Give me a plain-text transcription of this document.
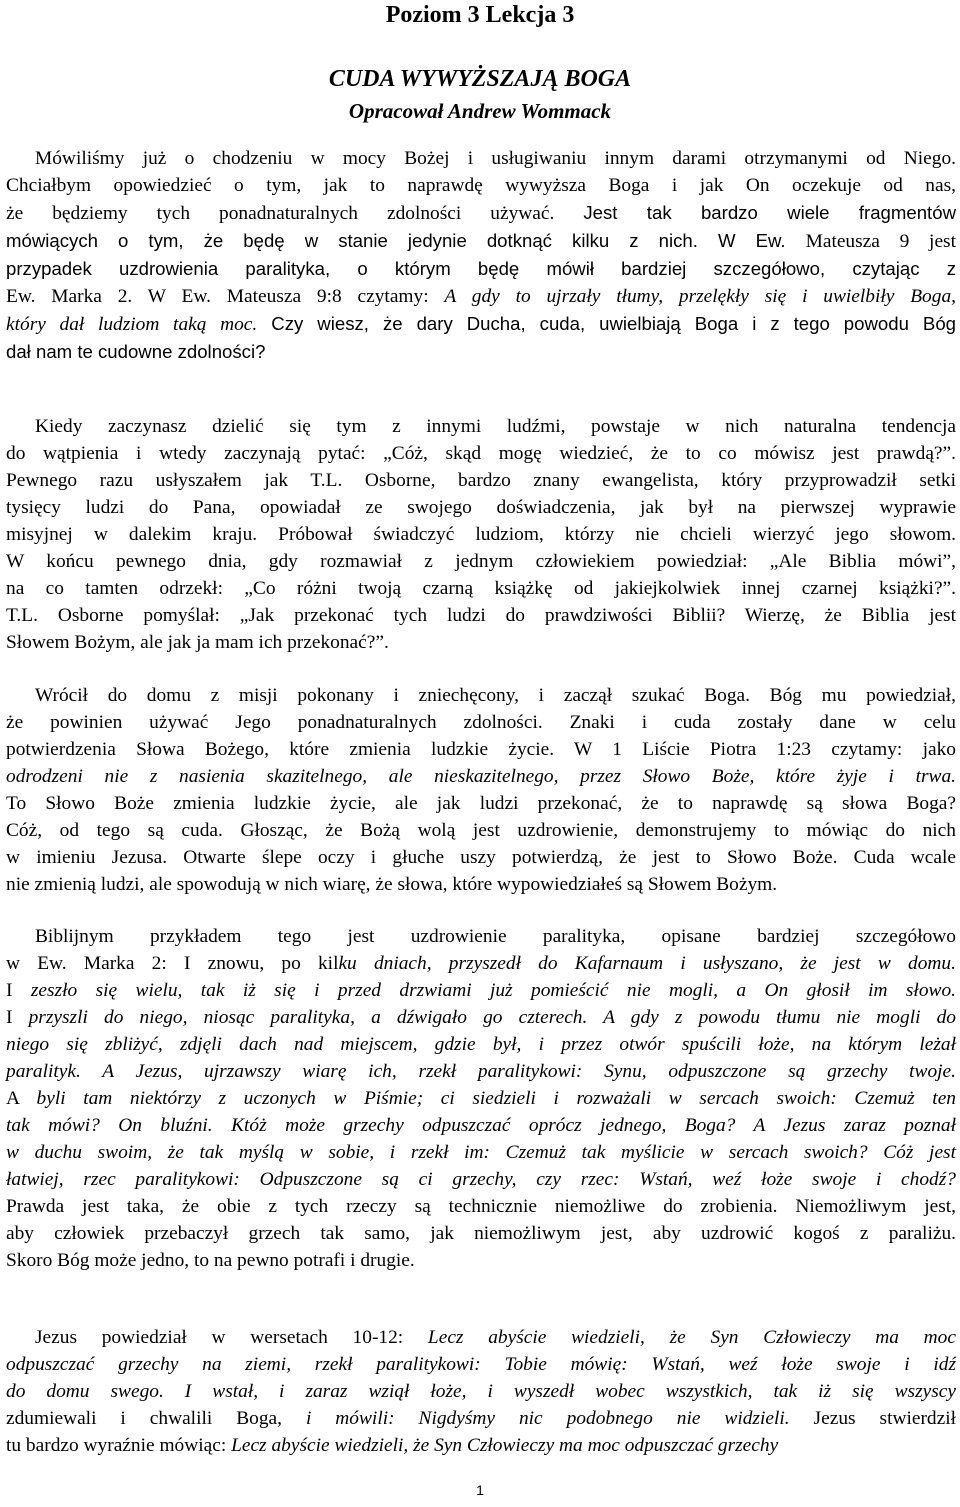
Poziom 3 Lekcja 3
CUDA WYWYŻSZAJĄ BOGA
Opracował Andrew Wommack
Mówiliśmy już o chodzeniu w mocy Bożej i usługiwaniu innym darami otrzymanymi od Niego.
Chciałbym opowiedzieć o tym, jak to naprawdę wywyższa Boga i jak On oczekuje od nas,
że będziemy tych ponadnaturalnych zdolności używać. Jest tak bardzo wiele fragmentów
mówiących o tym, że będę w stanie jedynie dotknąć kilku z nich. W Ew. Mateusza 9 jest
przypadek uzdrowienia paralityka, o którym będę mówił bardziej szczegółowo, czytając z
Ew. Marka 2. W Ew. Mateusza 9:8 czytamy: A gdy to ujrzały tłumy, przelękły się i uwielbiły Boga,
który dał ludziom taką moc. Czy wiesz, że dary Ducha, cuda, uwielbiają Boga i z tego powodu Bóg
dał nam te cudowne zdolności?
Kiedy zaczynasz dzielić się tym z innymi ludźmi, powstaje w nich naturalna tendencja
do wątpienia i wtedy zaczynają pytać: „Cóż, skąd mogę wiedzieć, że to co mówisz jest prawdą?”.
Pewnego razu usłyszałem jak T.L. Osborne, bardzo znany ewangelista, który przyprowadził setki
tysięcy ludzi do Pana, opowiadał ze swojego doświadczenia, jak był na pierwszej wyprawie
misyjnej w dalekim kraju. Próbował świadczyć ludziom, którzy nie chcieli wierzyć jego słowom.
W końcu pewnego dnia, gdy rozmawiał z jednym człowiekiem powiedział: „Ale Biblia mówi”,
na co tamten odrzekł: „Co różni twoją czarną książkę od jakiejkolwiek innej czarnej książki?”.
T.L. Osborne pomyślał: „Jak przekonać tych ludzi do prawdziwości Biblii? Wierzę, że Biblia jest
Słowem Bożym, ale jak ja mam ich przekonać?”.
Wrócił do domu z misji pokonany i zniechęcony, i zaczął szukać Boga. Bóg mu powiedział,
że powinien używać Jego ponadnaturalnych zdolności. Znaki i cuda zostały dane w celu
potwierdzenia Słowa Bożego, które zmienia ludzkie życie. W 1 Liście Piotra 1:23 czytamy: jako
odrodzeni nie z nasienia skazitelnego, ale nieskazitelnego, przez Słowo Boże, które żyje i trwa.
To Słowo Boże zmienia ludzkie życie, ale jak ludzi przekonać, że to naprawdę są słowa Boga?
Cóż, od tego są cuda. Głosząc, że Bożą wolą jest uzdrowienie, demonstrujemy to mówiąc do nich
w imieniu Jezusa. Otwarte ślepe oczy i głuche uszy potwierdzą, że jest to Słowo Boże. Cuda wcale
nie zmienią ludzi, ale spowodują w nich wiarę, że słowa, które wypowiedziałeś są Słowem Bożym.
Biblijnym przykładem tego jest uzdrowienie paralityka, opisane bardziej szczegółowo
w Ew. Marka 2: I znowu, po kilku dniach, przyszedł do Kafarnaum i usłyszano, że jest w domu.
I zeszło się wielu, tak iż się i przed drzwiami już pomieścić nie mogli, a On głosił im słowo.
I przyszli do niego, niosąc paralityka, a dźwigało go czterech. A gdy z powodu tłumu nie mogli do
niego się zbliżyć, zdjęli dach nad miejscem, gdzie był, i przez otwór spuścili łoże, na którym leżał
paralityk. A Jezus, ujrzawszy wiarę ich, rzekł paralitykowi: Synu, odpuszczone są grzechy twoje.
A byli tam niektórzy z uczonych w Piśmie; ci siedzieli i rozważali w sercach swoich: Czemuż ten
tak mówi? On bluźni. Któż może grzechy odpuszczać oprócz jednego, Boga? A Jezus zaraz poznał
w duchu swoim, że tak myślą w sobie, i rzekł im: Czemuż tak myślicie w sercach swoich? Cóż jest
łatwiej, rzec paralitykowi: Odpuszczone są ci grzechy, czy rzec: Wstań, weź łoże swoje i chodź?
Prawda jest taka, że obie z tych rzeczy są technicznie niemożliwe do zrobienia. Niemożliwym jest,
aby człowiek przebaczył grzech tak samo, jak niemożliwym jest, aby uzdrowić kogoś z paraliżu.
Skoro Bóg może jedno, to na pewno potrafi i drugie.
Jezus powiedział w wersetach 10-12: Lecz abyście wiedzieli, że Syn Człowieczy ma moc
odpuszczać grzechy na ziemi, rzekł paralitykowi: Tobie mówię: Wstań, weź łoże swoje i idź
do domu swego. I wstał, i zaraz wziął łoże, i wyszedł wobec wszystkich, tak iż się wszyscy
zdumiewali i chwalili Boga, i mówili: Nigdyśmy nic podobnego nie widzieli. Jezus stwierdził
tu bardzo wyraźnie mówiąc: Lecz abyście wiedzieli, że Syn Człowieczy ma moc odpuszczać grzechy
1
